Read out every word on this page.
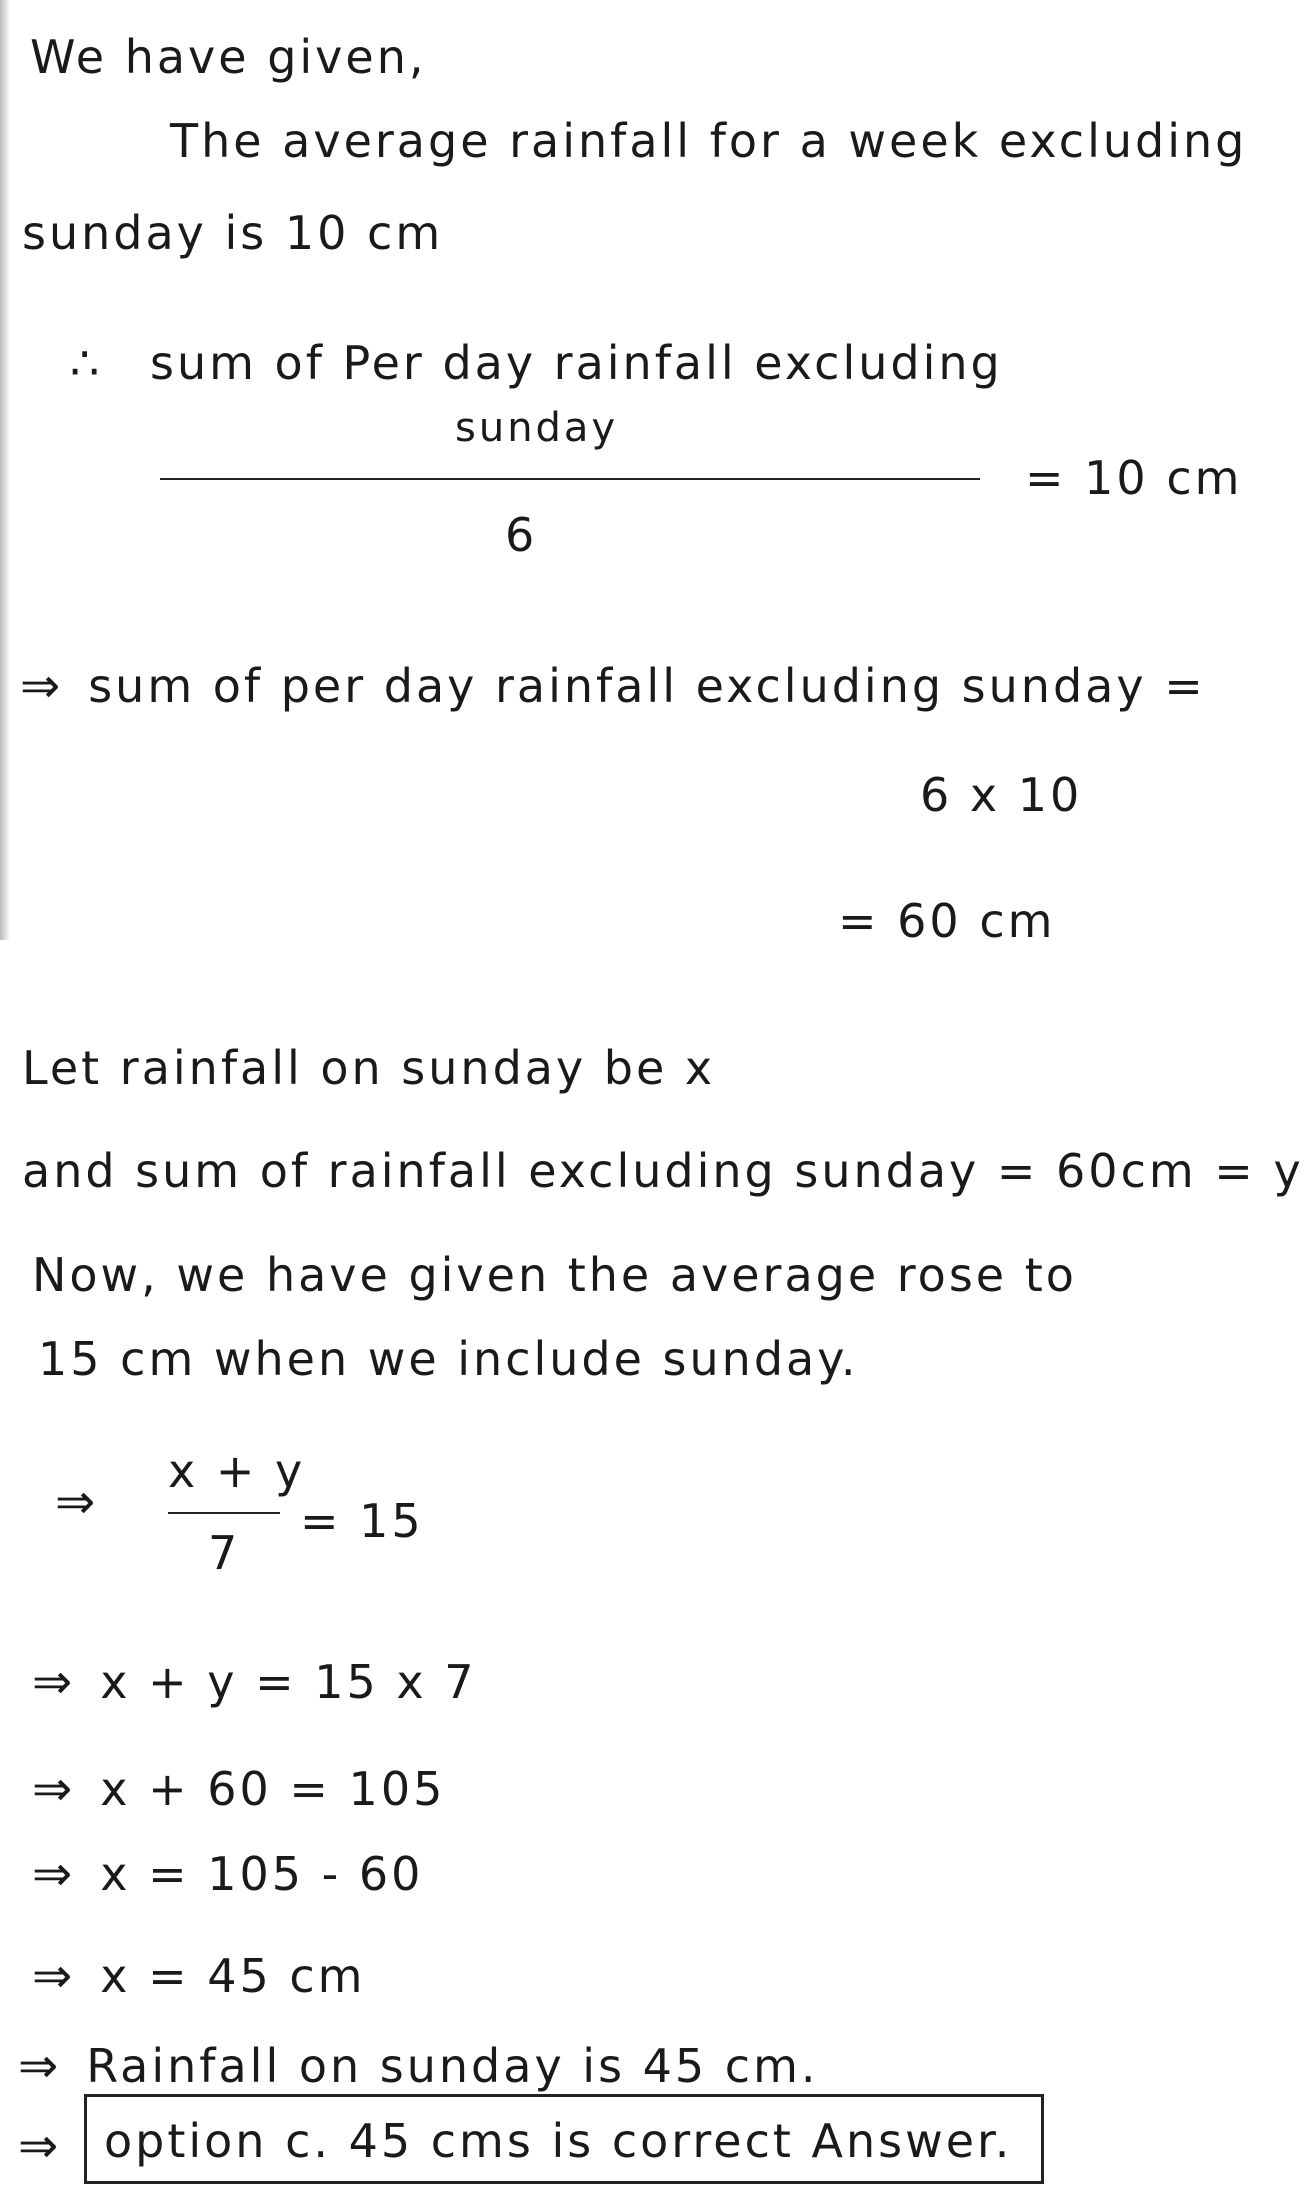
We have given,
The average rainfall for a week excluding
sunday is 10 cm
∴ sum of Per day rainfall excluding
sunday
= 10 cm
6
⇒ sum of per day rainfall excluding sunday =
6 x 10
= 60 cm
Let rainfall on sunday be x
and sum of rainfall excluding sunday = 60cm = y
Now, we have given the average rose to
15 cm when we include sunday.
⇒
x + y
7
= 15
⇒ x + y = 15 x 7
⇒ x + 60 = 105
⇒ x = 105 - 60
⇒ x = 45 cm
⇒ Rainfall on sunday is 45 cm.
⇒ option c. 45 cms is correct Answer.
